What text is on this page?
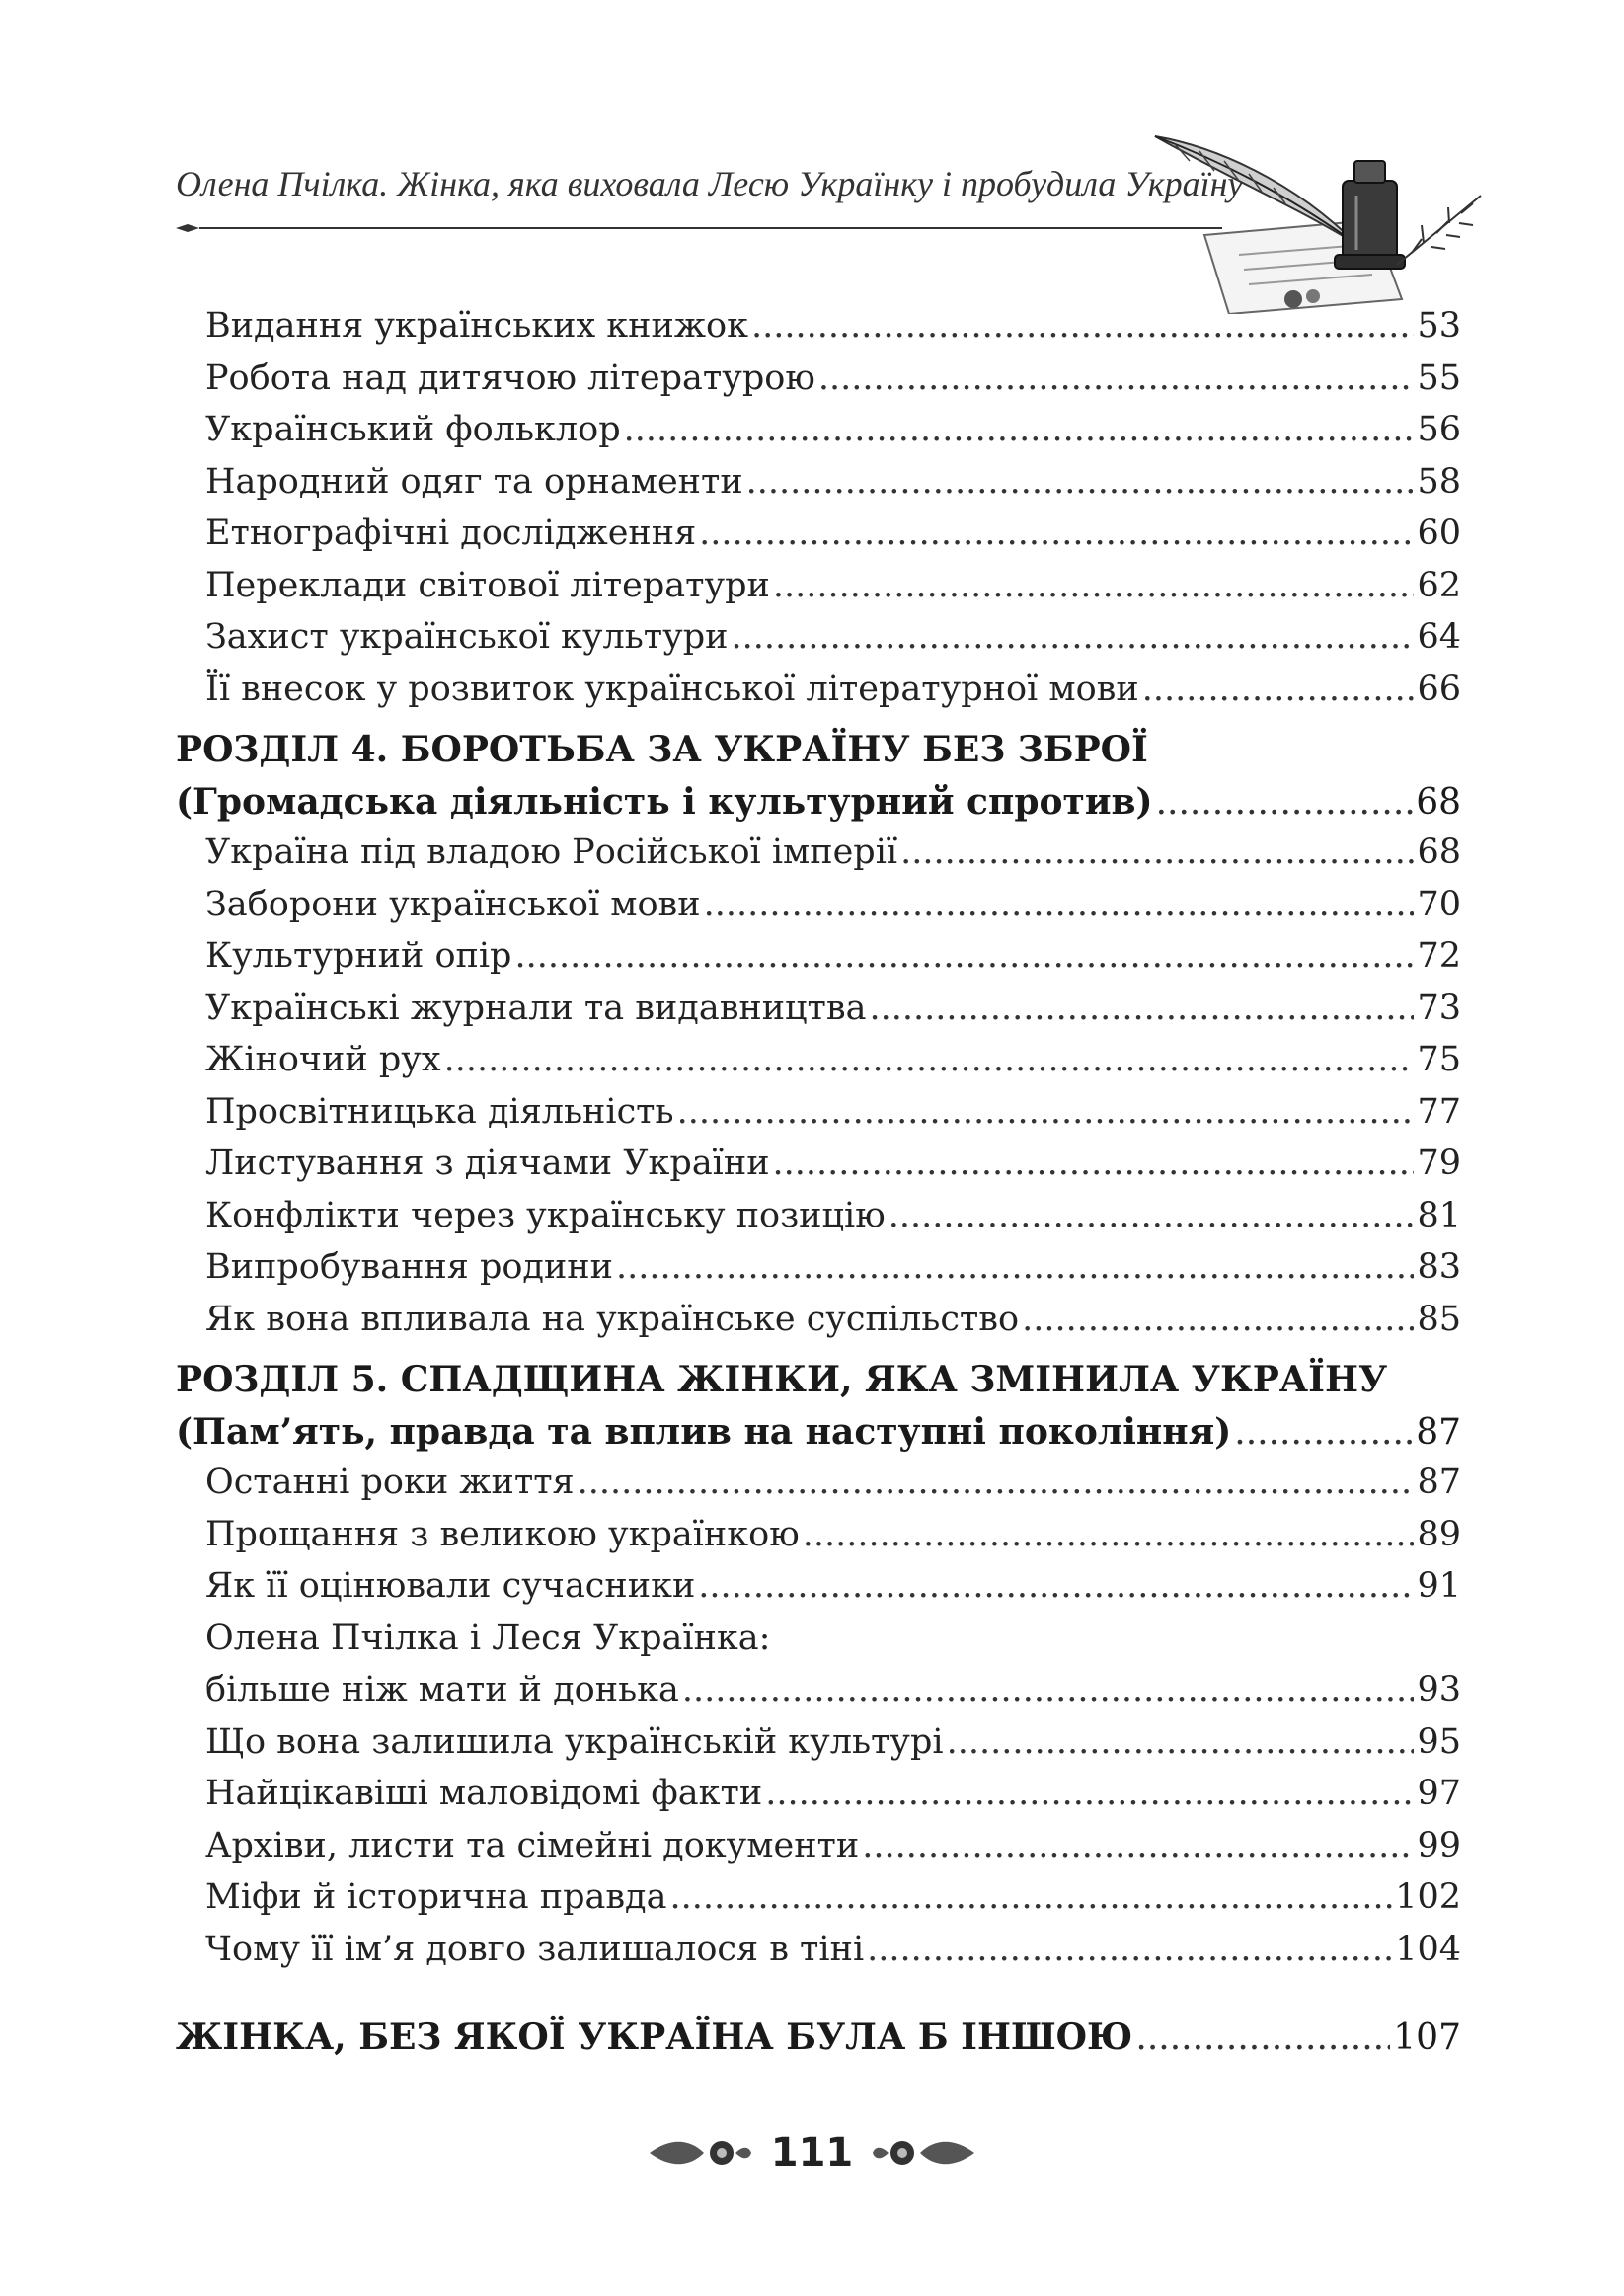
Олена Пчілка. Жінка, яка виховала Лесю Українку і пробудила Україну
Видання українських книжок .....	53
Робота над дитячою літературою .....	55
Український фольклор .....	56
Народний одяг та орнаменти .....	58
Етнографічні дослідження .....	60
Переклади світової літератури .....	62
Захист української культури .....	64
Її внесок у розвиток української літературної мови .....	66
РОЗДІЛ 4. БОРОТЬБА ЗА УКРАЇНУ БЕЗ ЗБРОЇ
(Громадська діяльність і культурний спротив) .....	68
Україна під владою Російської імперії .....	68
Заборони української мови .....	70
Культурний опір .....	72
Українські журнали та видавництва .....	73
Жіночий рух .....	75
Просвітницька діяльність .....	77
Листування з діячами України .....	79
Конфлікти через українську позицію .....	81
Випробування родини .....	83
Як вона впливала на українське суспільство .....	85
РОЗДІЛ 5. СПАДЩИНА ЖІНКИ, ЯКА ЗМІНИЛА УКРАЇНУ
(Пам’ять, правда та вплив на наступні покоління) .....	87
Останні роки життя .....	87
Прощання з великою українкою .....	89
Як її оцінювали сучасники .....	91
Олена Пчілка і Леся Українка:
більше ніж мати й донька .....	93
Що вона залишила українській культурі .....	95
Найцікавіші маловідомі факти .....	97
Архіви, листи та сімейні документи .....	99
Міфи й історична правда .....	102
Чому її ім’я довго залишалося в тіні .....	104
ЖІНКА, БЕЗ ЯКОЇ УКРАЇНА БУЛА Б ІНШОЮ .....	107
111
